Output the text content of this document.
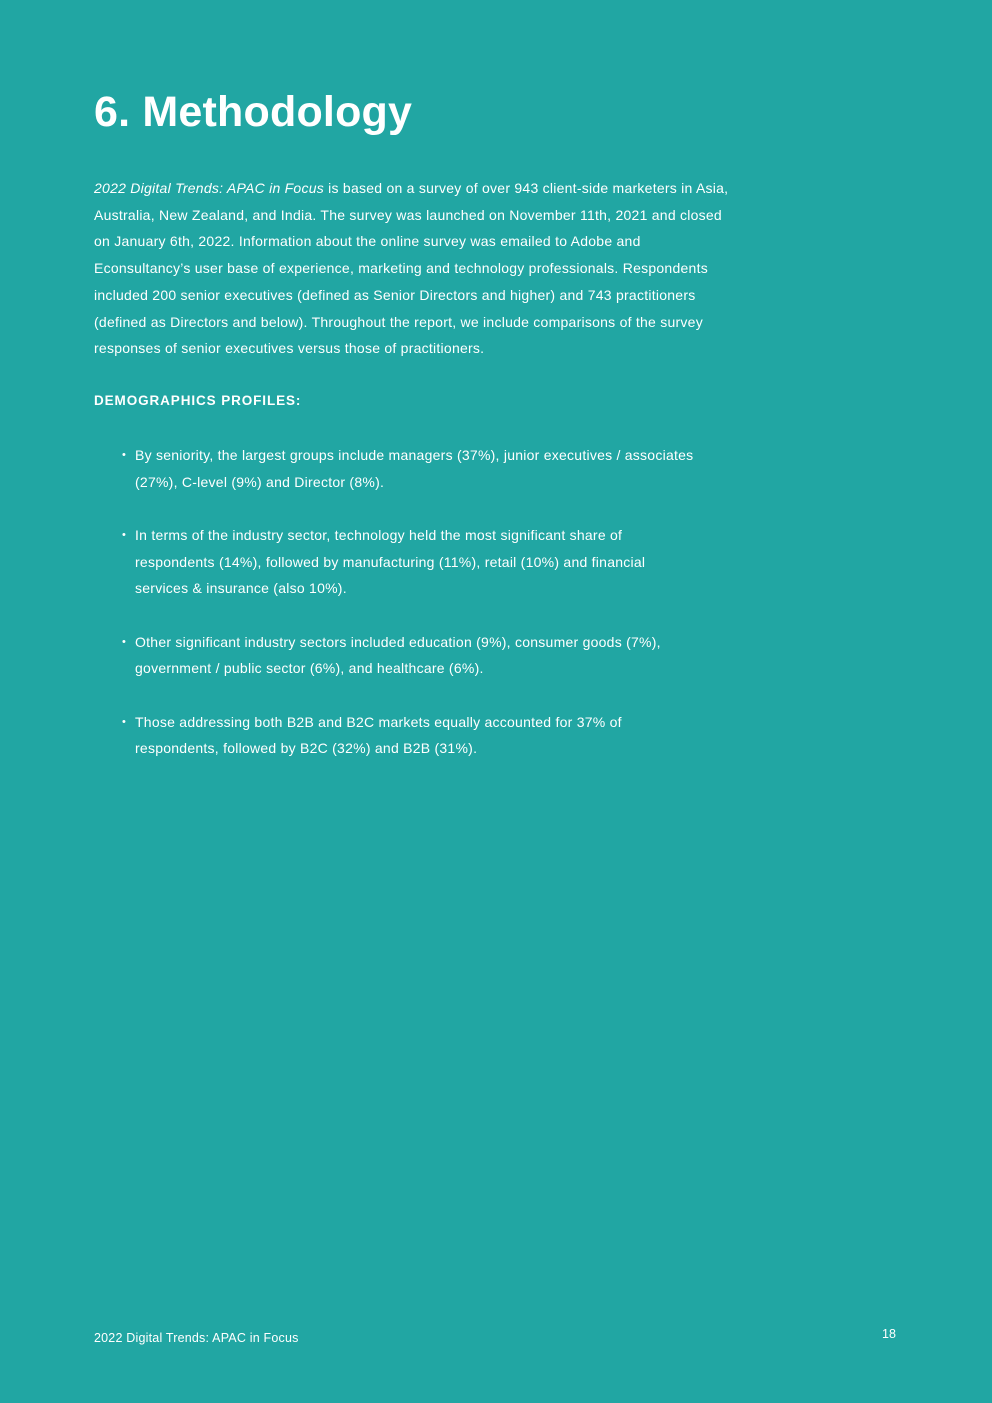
6. Methodology

2022 Digital Trends: APAC in Focus is based on a survey of over 943 client-side marketers in Asia, Australia, New Zealand, and India. The survey was launched on November 11th, 2021 and closed on January 6th, 2022. Information about the online survey was emailed to Adobe and Econsultancy’s user base of experience, marketing and technology professionals. Respondents included 200 senior executives (defined as Senior Directors and higher) and 743 practitioners (defined as Directors and below). Throughout the report, we include comparisons of the survey responses of senior executives versus those of practitioners.

DEMOGRAPHICS PROFILES:
• By seniority, the largest groups include managers (37%), junior executives / associates (27%), C-level (9%) and Director (8%).
• In terms of the industry sector, technology held the most significant share of respondents (14%), followed by manufacturing (11%), retail (10%) and financial services & insurance (also 10%).
• Other significant industry sectors included education (9%), consumer goods (7%), government / public sector (6%), and healthcare (6%).
• Those addressing both B2B and B2C markets equally accounted for 37% of respondents, followed by B2C (32%) and B2B (31%).
2022 Digital Trends: APAC in Focus	18
